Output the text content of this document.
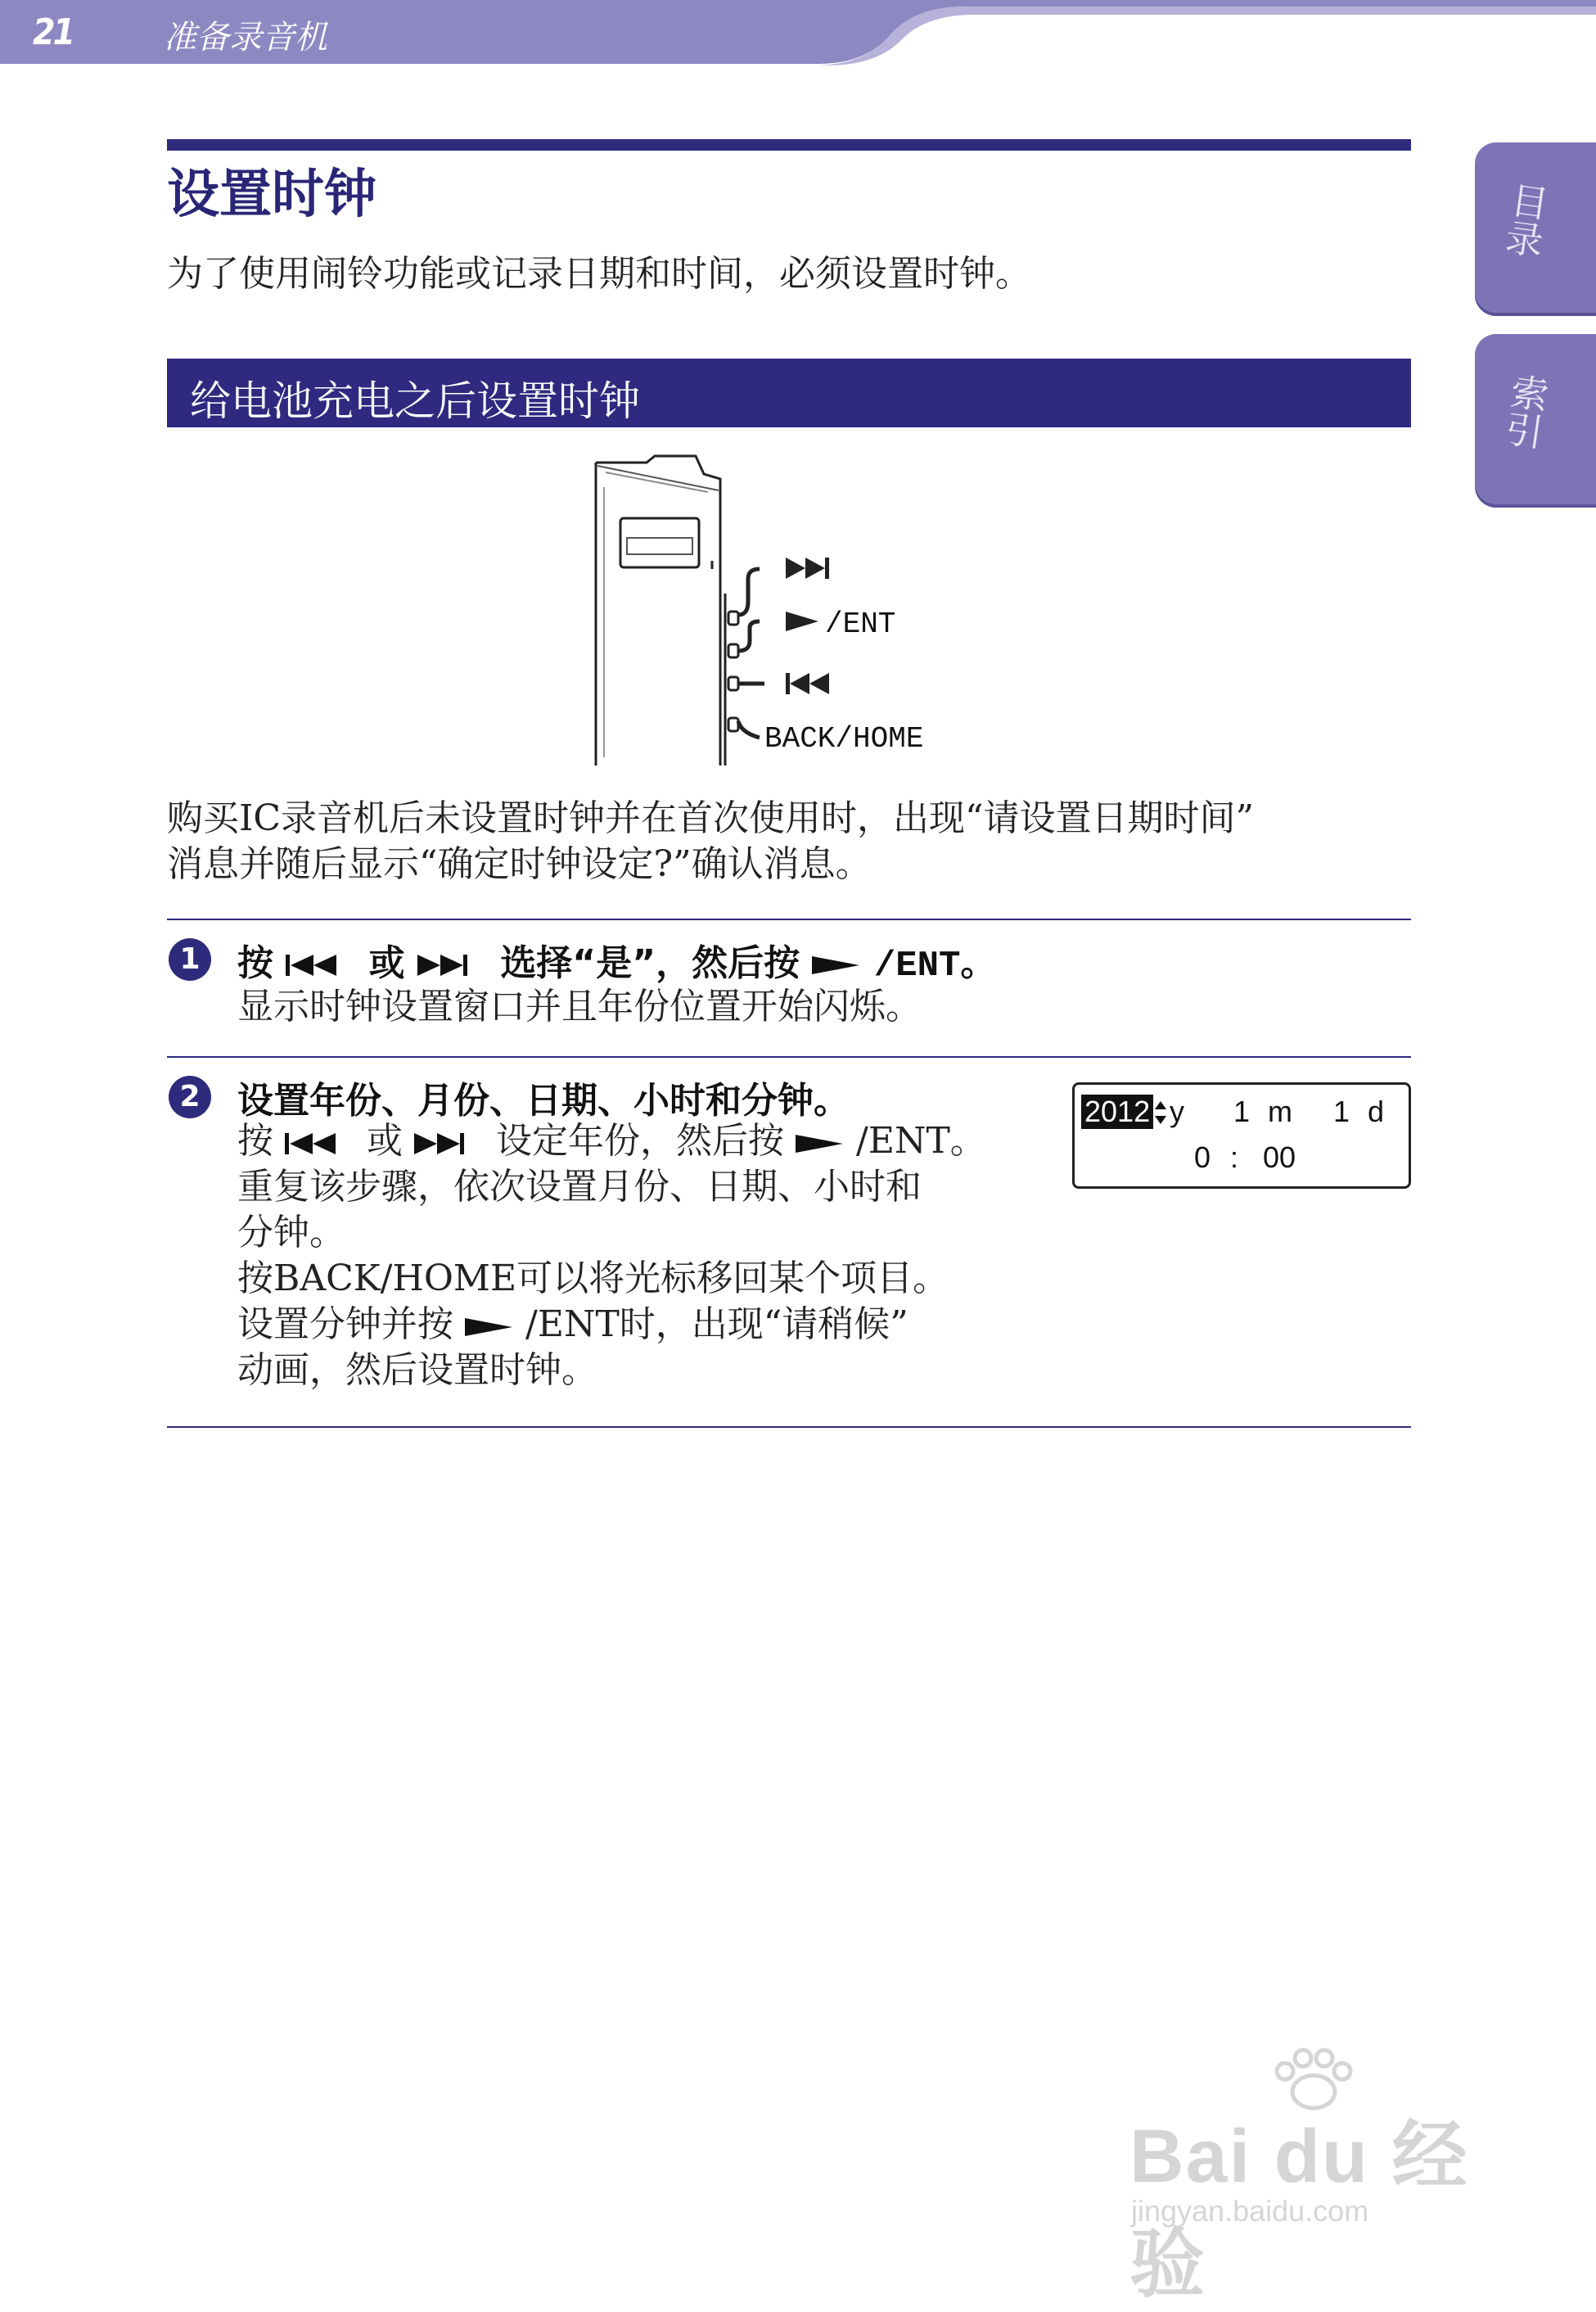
21	准备录音机
目录
索引
设置时钟
为了使用闹铃功能或记录日期和时间，必须设置时钟。
给电池充电之后设置时钟
/ENT
BACK/HOME
购买IC录音机后未设置时钟并在首次使用时，出现“请设置日期时间”
消息并随后显示“确定时钟设定?”确认消息。
1	按	或	选择“是”，然后按 /ENT。
显示时钟设置窗口并且年份位置开始闪烁。
2	设置年份、月份、日期、小时和分钟。
按	或	设定年份，然后按 /ENT。
重复该步骤，依次设置月份、日期、小时和
分钟。
按BACK/HOME可以将光标移回某个项目。
设置分钟并按 /ENT时，出现“请稍候”
动画，然后设置时钟。
2012 y 1 m 1 d
0 : 00
Bai du 经验
jingyan.baidu.com
